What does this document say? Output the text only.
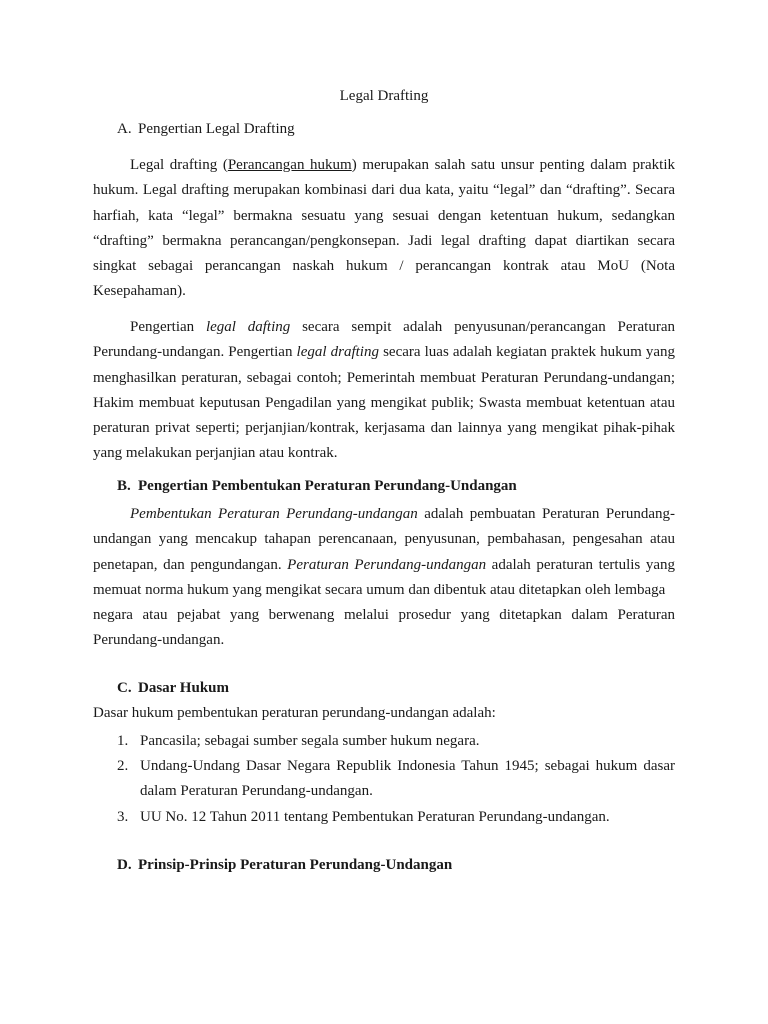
Legal Drafting
A. Pengertian Legal Drafting

Legal drafting (Perancangan hukum) merupakan salah satu unsur penting dalam praktik hukum. Legal drafting merupakan kombinasi dari dua kata, yaitu “legal” dan “drafting”. Secara harfiah, kata “legal” bermakna sesuatu yang sesuai dengan ketentuan hukum, sedangkan “drafting” bermakna perancangan/pengkonsepan. Jadi legal drafting dapat diartikan secara singkat sebagai perancangan naskah hukum / perancangan kontrak atau MoU (Nota Kesepahaman).

Pengertian legal dafting secara sempit adalah penyusunan/perancangan Peraturan Perundang-undangan. Pengertian legal drafting secara luas adalah kegiatan praktek hukum yang menghasilkan peraturan, sebagai contoh; Pemerintah membuat Peraturan Perundang-undangan; Hakim membuat keputusan Pengadilan yang mengikat publik; Swasta membuat ketentuan atau peraturan privat seperti; perjanjian/kontrak, kerjasama dan lainnya yang mengikat pihak-pihak yang melakukan perjanjian atau kontrak.

B. Pengertian Pembentukan Peraturan Perundang-Undangan

Pembentukan Peraturan Perundang-undangan adalah pembuatan Peraturan Perundang-undangan yang mencakup tahapan perencanaan, penyusunan, pembahasan, pengesahan atau penetapan, dan pengundangan. Peraturan Perundang-undangan adalah peraturan tertulis yang memuat norma hukum yang mengikat secara umum dan dibentuk atau ditetapkan oleh lembaga
negara atau pejabat yang berwenang melalui prosedur yang ditetapkan dalam Peraturan Perundang-undangan.

C. Dasar Hukum
Dasar hukum pembentukan peraturan perundang-undangan adalah:
1. Pancasila; sebagai sumber segala sumber hukum negara.
2. Undang-Undang Dasar Negara Republik Indonesia Tahun 1945; sebagai hukum dasar dalam Peraturan Perundang-undangan.
3. UU No. 12 Tahun 2011 tentang Pembentukan Peraturan Perundang-undangan.
D. Prinsip-Prinsip Peraturan Perundang-Undangan
